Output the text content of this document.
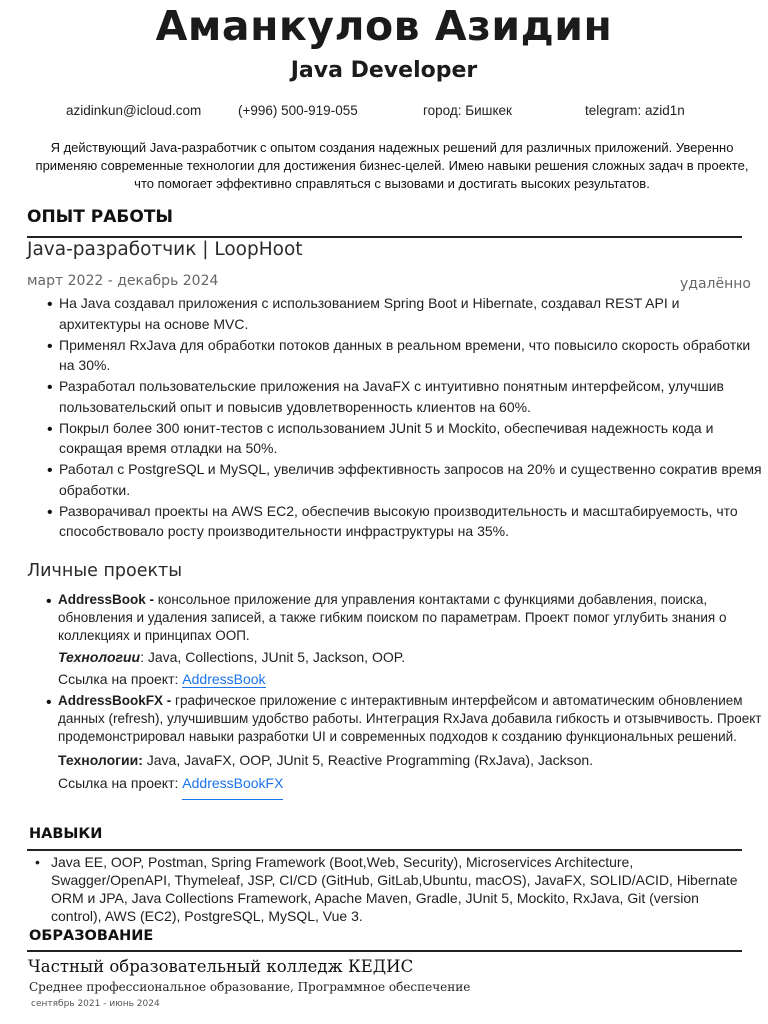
Аманкулов Азидин
Java Developer
azidinkun@icloud.com	(+996) 500-919-055	город: Бишкек	telegram: azid1n
Я действующий Java-разработчик с опытом создания надежных решений для различных приложений. Уверенно применяю современные технологии для достижения бизнес-целей. Имею навыки решения сложных задач в проекте, что помогает эффективно справляться с вызовами и достигать высоких результатов.
ОПЫТ РАБОТЫ
Java-разработчик | LoopHoot
март 2022 - декабрь 2024	удалённо
• На Java создавал приложения с использованием Spring Boot и Hibernate, создавал REST API и архитектуры на основе MVC.
• Применял RxJava для обработки потоков данных в реальном времени, что повысило скорость обработки на 30%.
• Разработал пользовательские приложения на JavaFX с интуитивно понятным интерфейсом, улучшив пользовательский опыт и повысив удовлетворенность клиентов на 60%.
• Покрыл более 300 юнит-тестов с использованием JUnit 5 и Mockito, обеспечивая надежность кода и сокращая время отладки на 50%.
• Работал с PostgreSQL и MySQL, увеличив эффективность запросов на 20% и существенно сократив время обработки.
• Разворачивал проекты на AWS EC2, обеспечив высокую производительность и масштабируемость, что способствовало росту производительности инфраструктуры на 35%.
Личные проекты
• AddressBook - консольное приложение для управления контактами с функциями добавления, поиска, обновления и удаления записей, а также гибким поиском по параметрам. Проект помог углубить знания о коллекциях и принципах ООП.
Технологии: Java, Collections, JUnit 5, Jackson, OOP.
Ссылка на проект: AddressBook
• AddressBookFX - графическое приложение с интерактивным интерфейсом и автоматическим обновлением данных (refresh), улучшившим удобство работы. Интеграция RxJava добавила гибкость и отзывчивость. Проект продемонстрировал навыки разработки UI и современных подходов к созданию функциональных решений.
Технологии: Java, JavaFX, OOP, JUnit 5, Reactive Programming (RxJava), Jackson.
Ссылка на проект: AddressBookFX
НАВЫКИ
• Java EE, OOP, Postman, Spring Framework (Boot,Web, Security), Microservices Architecture, Swagger/OpenAPI, Thymeleaf, JSP, CI/CD (GitHub, GitLab,Ubuntu, macOS), JavaFX, SOLID/ACID, Hibernate ORM и JPA, Java Collections Framework, Apache Maven, Gradle, JUnit 5, Mockito, RxJava, Git (version control), AWS (EC2), PostgreSQL, MySQL, Vue 3.
ОБРАЗОВАНИЕ
Частный образовательный колледж КЕДИС
Среднее профессиональное образование, Программное обеспечение
сентябрь 2021 - июнь 2024
